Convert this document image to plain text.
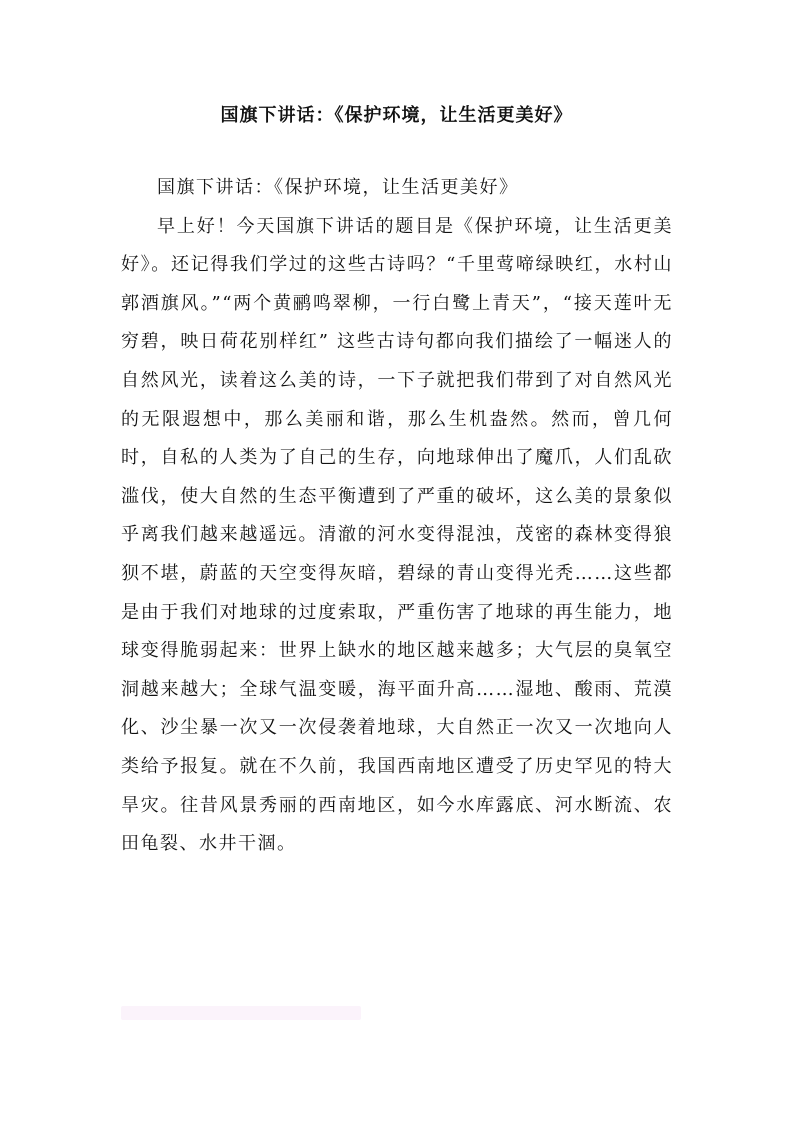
国旗下讲话：《保护环境，让生活更美好》

国旗下讲话：《保护环境，让生活更美好》

早上好！今天国旗下讲话的题目是《保护环境，让生活更美好》。还记得我们学过的这些古诗吗？“千里莺啼绿映红，水村山郭酒旗风。”“两个黄鹂鸣翠柳，一行白鹭上青天”，“接天莲叶无穷碧，映日荷花别样红” 这些古诗句都向我们描绘了一幅迷人的自然风光，读着这么美的诗，一下子就把我们带到了对自然风光的无限遐想中，那么美丽和谐，那么生机盎然。然而，曾几何时，自私的人类为了自己的生存，向地球伸出了魔爪，人们乱砍滥伐，使大自然的生态平衡遭到了严重的破坏，这么美的景象似乎离我们越来越遥远。清澈的河水变得混浊，茂密的森林变得狼狈不堪，蔚蓝的天空变得灰暗，碧绿的青山变得光秃……这些都是由于我们对地球的过度索取，严重伤害了地球的再生能力，地球变得脆弱起来：世界上缺水的地区越来越多；大气层的臭氧空洞越来越大；全球气温变暖，海平面升高……湿地、酸雨、荒漠化、沙尘暴一次又一次侵袭着地球，大自然正一次又一次地向人类给予报复。就在不久前，我国西南地区遭受了历史罕见的特大旱灾。往昔风景秀丽的西南地区，如今水库露底、河水断流、农田龟裂、水井干涸。
